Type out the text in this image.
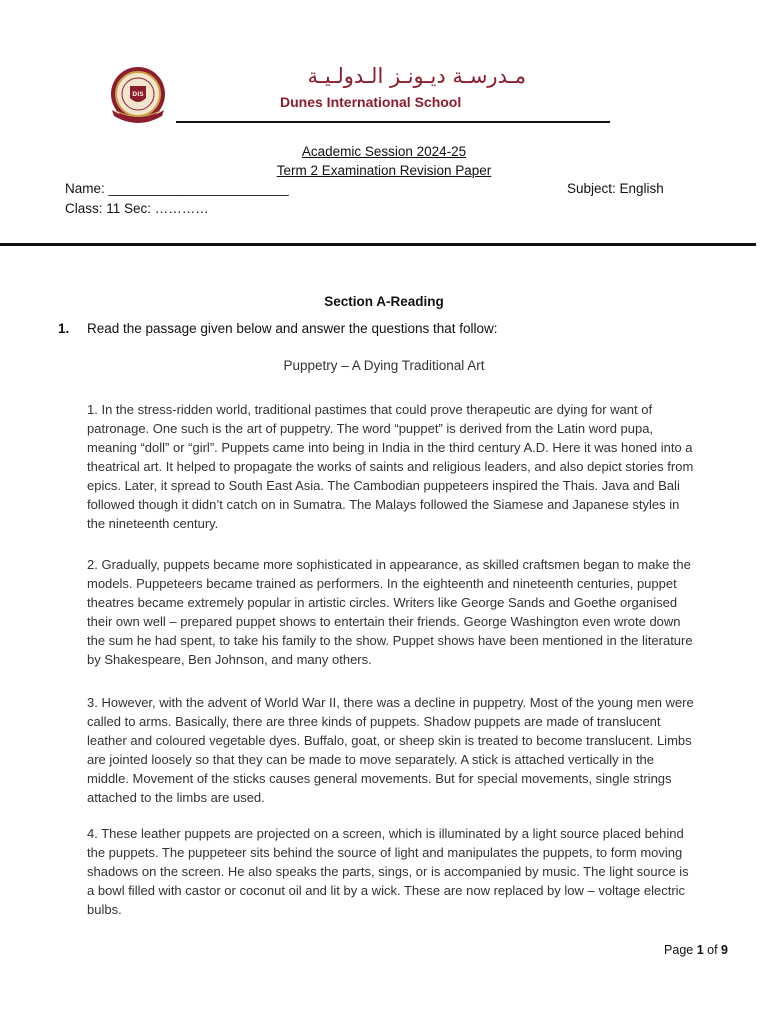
DIS
مـدرسـة ديـونـز الـدولـيـة
Dunes International School
Academic Session 2024-25
Term 2 Examination Revision Paper
Name: ________________________	Subject: English
Class: 11 Sec: …………
Section A-Reading
1. Read the passage given below and answer the questions that follow:
Puppetry – A Dying Traditional Art

1. In the stress-ridden world, traditional pastimes that could prove therapeutic are dying for want of patronage. One such is the art of puppetry. The word “puppet” is derived from the Latin word pupa, meaning “doll” or “girl”. Puppets came into being in India in the third century A.D. Here it was honed into a theatrical art. It helped to propagate the works of saints and religious leaders, and also depict stories from epics. Later, it spread to South East Asia. The Cambodian puppeteers inspired the Thais. Java and Bali followed though it didn’t catch on in Sumatra. The Malays followed the Siamese and Japanese styles in the nineteenth century.

2. Gradually, puppets became more sophisticated in appearance, as skilled craftsmen began to make the models. Puppeteers became trained as performers. In the eighteenth and nineteenth centuries, puppet theatres became extremely popular in artistic circles. Writers like George Sands and Goethe organised their own well – prepared puppet shows to entertain their friends. George Washington even wrote down the sum he had spent, to take his family to the show. Puppet shows have been mentioned in the literature by Shakespeare, Ben Johnson, and many others.

3. However, with the advent of World War II, there was a decline in puppetry. Most of the young men were called to arms. Basically, there are three kinds of puppets. Shadow puppets are made of translucent leather and coloured vegetable dyes. Buffalo, goat, or sheep skin is treated to become translucent. Limbs are jointed loosely so that they can be made to move separately. A stick is attached vertically in the middle. Movement of the sticks causes general movements. But for special movements, single strings attached to the limbs are used.

4. These leather puppets are projected on a screen, which is illuminated by a light source placed behind the puppets. The puppeteer sits behind the source of light and manipulates the puppets, to form moving shadows on the screen. He also speaks the parts, sings, or is accompanied by music. The light source is a bowl filled with castor or coconut oil and lit by a wick. These are now replaced by low – voltage electric bulbs.

Page 1 of 9
